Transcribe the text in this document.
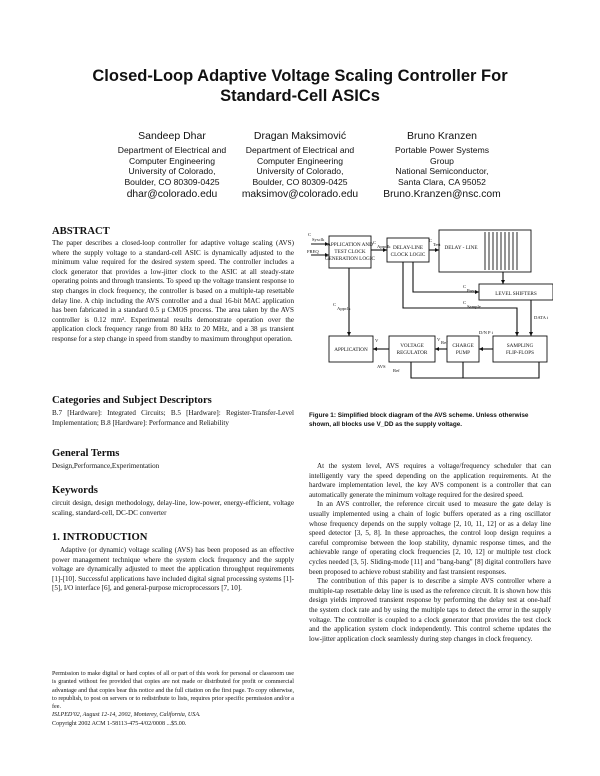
Closed-Loop Adaptive Voltage Scaling Controller For
Standard-Cell ASICs
Sandeep Dhar
Department of Electrical and
Computer Engineering
University of Colorado,
Boulder, CO 80309-0425
dhar@colorado.edu
Dragan Maksimović
Department of Electrical and
Computer Engineering
University of Colorado,
Boulder, CO 80309-0425
maksimov@colorado.edu
Bruno Kranzen
Portable Power Systems
Group
National Semiconductor,
Santa Clara, CA 95052
Bruno.Kranzen@nsc.com
ABSTRACT

The paper describes a closed-loop controller for adaptive voltage scaling (AVS) where the supply voltage to a standard-cell ASIC is dynamically adjusted to the minimum value required for the desired system speed. The controller includes a clock generator that provides a low-jitter clock to the ASIC at all steady-state operating points and through transients. To speed up the voltage transient response to step changes in clock frequency, the controller is based on a multiple-tap resettable delay line. A chip including the AVS controller and a dual 16-bit MAC application has been fabricated in a standard 0.5 μ CMOS process. The area taken by the AVS controller is 0.12 mm². Experimental results demonstrate operation over the application clock frequency range from 80 kHz to 20 MHz, and a 38 μs transient response for a step change in speed from standby to maximum throughput operation.

Categories and Subject Descriptors

B.7 [Hardware]: Integrated Circuits; B.5 [Hardware]: Register-Transfer-Level Implementation; B.8 [Hardware]: Performance and Reliability

General Terms

Design,Performance,Experimentation

Keywords

circuit design, design methodology, delay-line, low-power, energy-efficient, voltage scaling, standard-cell, DC-DC converter

1. INTRODUCTION

Adaptive (or dynamic) voltage scaling (AVS) has been proposed as an effective power management technique where the system clock frequency and the supply voltage are dynamically adjusted to meet the application throughput requirements [1]-[10]. Successful applications have included digital signal processing systems [1]-[5], I/O interface [6], and general-purpose microprocessors [7, 10].

Permission to make digital or hard copies of all or part of this work for personal or classroom use is granted without fee provided that copies are not made or distributed for profit or commercial advantage and that copies bear this notice and the full citation on the first page. To copy otherwise, to republish, to post on servers or to redistribute to lists, requires prior specific permission and/or a fee.

ISLPED'02, August 12-14, 2002, Monterey, California, USA.

Copyright 2002 ACM 1-58113-475-4/02/0008 ...$5.00.

APPLICATION AND
TEST CLOCK
GENERATION LOGIC
DELAY-LINE
CLOCK LOGIC
DELAY - LINE
LEVEL SHIFTERS
APPLICATION
VOLTAGE
REGULATOR
CHARGE
PUMP
SAMPLING
FLIP-FLOPS
C
Sysclk
FREQ
C
Appclk
C
Test
C
Prec
C
Sample
C
Appclk
DATA i
D/N P i
V
Ref
V
AVS
Ref
Figure 1: Simplified block diagram of the AVS scheme. Unless otherwise shown, all blocks use V_DD as the supply voltage.

At the system level, AVS requires a voltage/frequency scheduler that can intelligently vary the speed depending on the application requirements. At the hardware implementation level, the key AVS component is a controller that can automatically generate the minimum voltage required for the desired speed.

In an AVS controller, the reference circuit used to measure the gate delay is usually implemented using a chain of logic buffers operated as a ring oscillator whose frequency depends on the supply voltage [2, 10, 11, 12] or as a delay line speed detector [3, 5, 8]. In these approaches, the control loop design requires a careful compromise between the loop stability, dynamic response times, and the achievable range of operating clock frequencies [2, 10, 12] or multiple test clock cycles needed [3, 5]. Sliding-mode [11] and "bang-bang" [8] digital controllers have been proposed to achieve robust stability and fast transient responses.

The contribution of this paper is to describe a simple AVS controller where a multiple-tap resettable delay line is used as the reference circuit. It is shown how this design yields improved transient response by performing the delay test at one-half the system clock rate and by using the multiple taps to detect the error in the supply voltage. The controller is coupled to a clock generator that provides the test clock and the application system clock independently. This control scheme updates the low-jitter application clock seamlessly during step changes in clock frequency.
